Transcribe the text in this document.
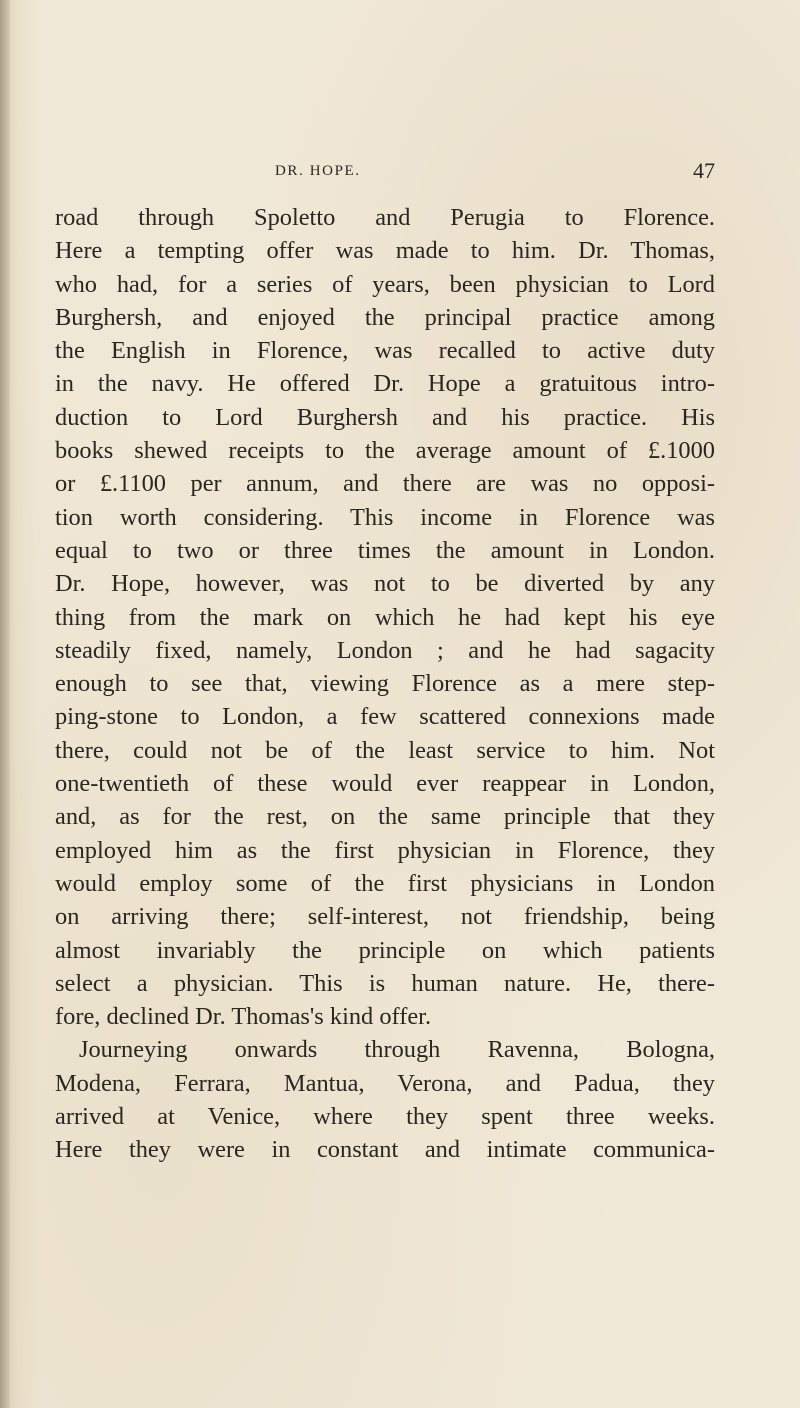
DR. HOPE.	47
road through Spoletto and Perugia to Florence.
Here a tempting offer was made to him. Dr. Thomas,
who had, for a series of years, been physician to Lord
Burghersh, and enjoyed the principal practice among
the English in Florence, was recalled to active duty
in the navy. He offered Dr. Hope a gratuitous intro-
duction to Lord Burghersh and his practice. His
books shewed receipts to the average amount of £.1000
or £.1100 per annum, and there are was no opposi-
tion worth considering. This income in Florence was
equal to two or three times the amount in London.
Dr. Hope, however, was not to be diverted by any
thing from the mark on which he had kept his eye
steadily fixed, namely, London ; and he had sagacity
enough to see that, viewing Florence as a mere step-
ping-stone to London, a few scattered connexions made
there, could not be of the least service to him. Not
one-twentieth of these would ever reappear in London,
and, as for the rest, on the same principle that they
employed him as the first physician in Florence, they
would employ some of the first physicians in London
on arriving there; self-interest, not friendship, being
almost invariably the principle on which patients
select a physician. This is human nature. He, there-
fore, declined Dr. Thomas's kind offer.
Journeying onwards through Ravenna, Bologna,
Modena, Ferrara, Mantua, Verona, and Padua, they
arrived at Venice, where they spent three weeks.
Here they were in constant and intimate communica-
